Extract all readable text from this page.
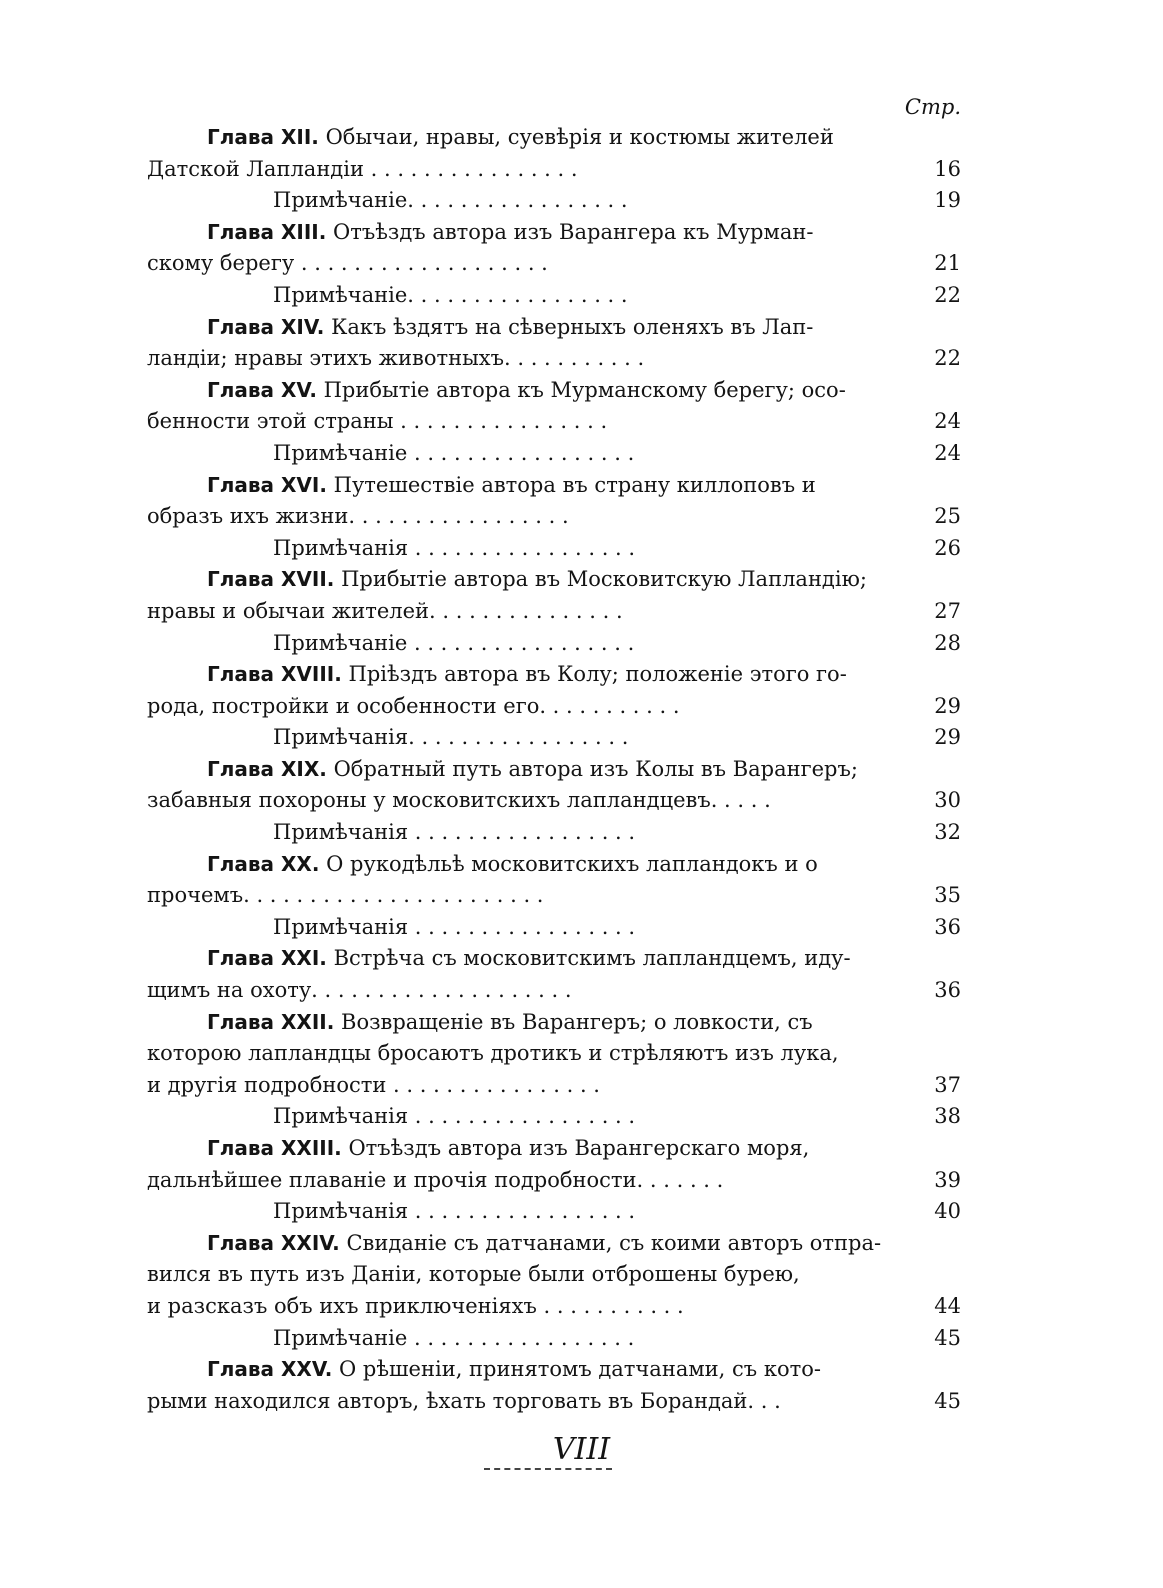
Стр.
Глава XII. Обычаи, нравы, суевѣрія и костюмы жителей
Датской Лапландіи . . . . . . . . . . . . . . . .	16
Примѣчаніе. . . . . . . . . . . . . . . . .	19
Глава XIII. Отъѣздъ автора изъ Варангера къ Мурман-
скому берегу . . . . . . . . . . . . . . . . . . .	21
Примѣчаніе. . . . . . . . . . . . . . . . .	22
Глава XIV. Какъ ѣздятъ на сѣверныхъ оленяхъ въ Лап-
ландіи; нравы этихъ животныхъ. . . . . . . . . . .	22
Глава XV. Прибытіе автора къ Мурманскому берегу; осо-
бенности этой страны . . . . . . . . . . . . . . . .	24
Примѣчаніе . . . . . . . . . . . . . . . . .	24
Глава XVI. Путешествіе автора въ страну киллоповъ и
образъ ихъ жизни. . . . . . . . . . . . . . . . .	25
Примѣчанія . . . . . . . . . . . . . . . . .	26
Глава XVII. Прибытіе автора въ Московитскую Лапландію;
нравы и обычаи жителей. . . . . . . . . . . . . . .	27
Примѣчаніе . . . . . . . . . . . . . . . . .	28
Глава XVIII. Пріѣздъ автора въ Колу; положеніе этого го-
рода, постройки и особенности его. . . . . . . . . . .	29
Примѣчанія. . . . . . . . . . . . . . . . .	29
Глава XIX. Обратный путь автора изъ Колы въ Варангеръ;
забавныя похороны у московитскихъ лапландцевъ. . . . .	30
Примѣчанія . . . . . . . . . . . . . . . . .	32
Глава XX. О рукодѣльѣ московитскихъ лапландокъ и о
прочемъ. . . . . . . . . . . . . . . . . . . . . . .	35
Примѣчанія . . . . . . . . . . . . . . . . .	36
Глава XXI. Встрѣча съ московитскимъ лапландцемъ, иду-
щимъ на охоту. . . . . . . . . . . . . . . . . . . .	36
Глава XXII. Возвращеніе въ Варангеръ; о ловкости, съ
которою лапландцы бросаютъ дротикъ и стрѣляютъ изъ лука,
и другія подробности . . . . . . . . . . . . . . . .	37
Примѣчанія . . . . . . . . . . . . . . . . .	38
Глава XXIII. Отъѣздъ автора изъ Варангерскаго моря,
дальнѣйшее плаваніе и прочія подробности. . . . . . .	39
Примѣчанія . . . . . . . . . . . . . . . . .	40
Глава XXIV. Свиданіе съ датчанами, съ коими авторъ отпра-
вился въ путь изъ Даніи, которые были отброшены бурею,
и разсказъ объ ихъ приключеніяхъ . . . . . . . . . . .	44
Примѣчаніе . . . . . . . . . . . . . . . . .	45
Глава XXV. О рѣшеніи, принятомъ датчанами, съ кото-
рыми находился авторъ, ѣхать торговать въ Борандай. . .	45
VIII
